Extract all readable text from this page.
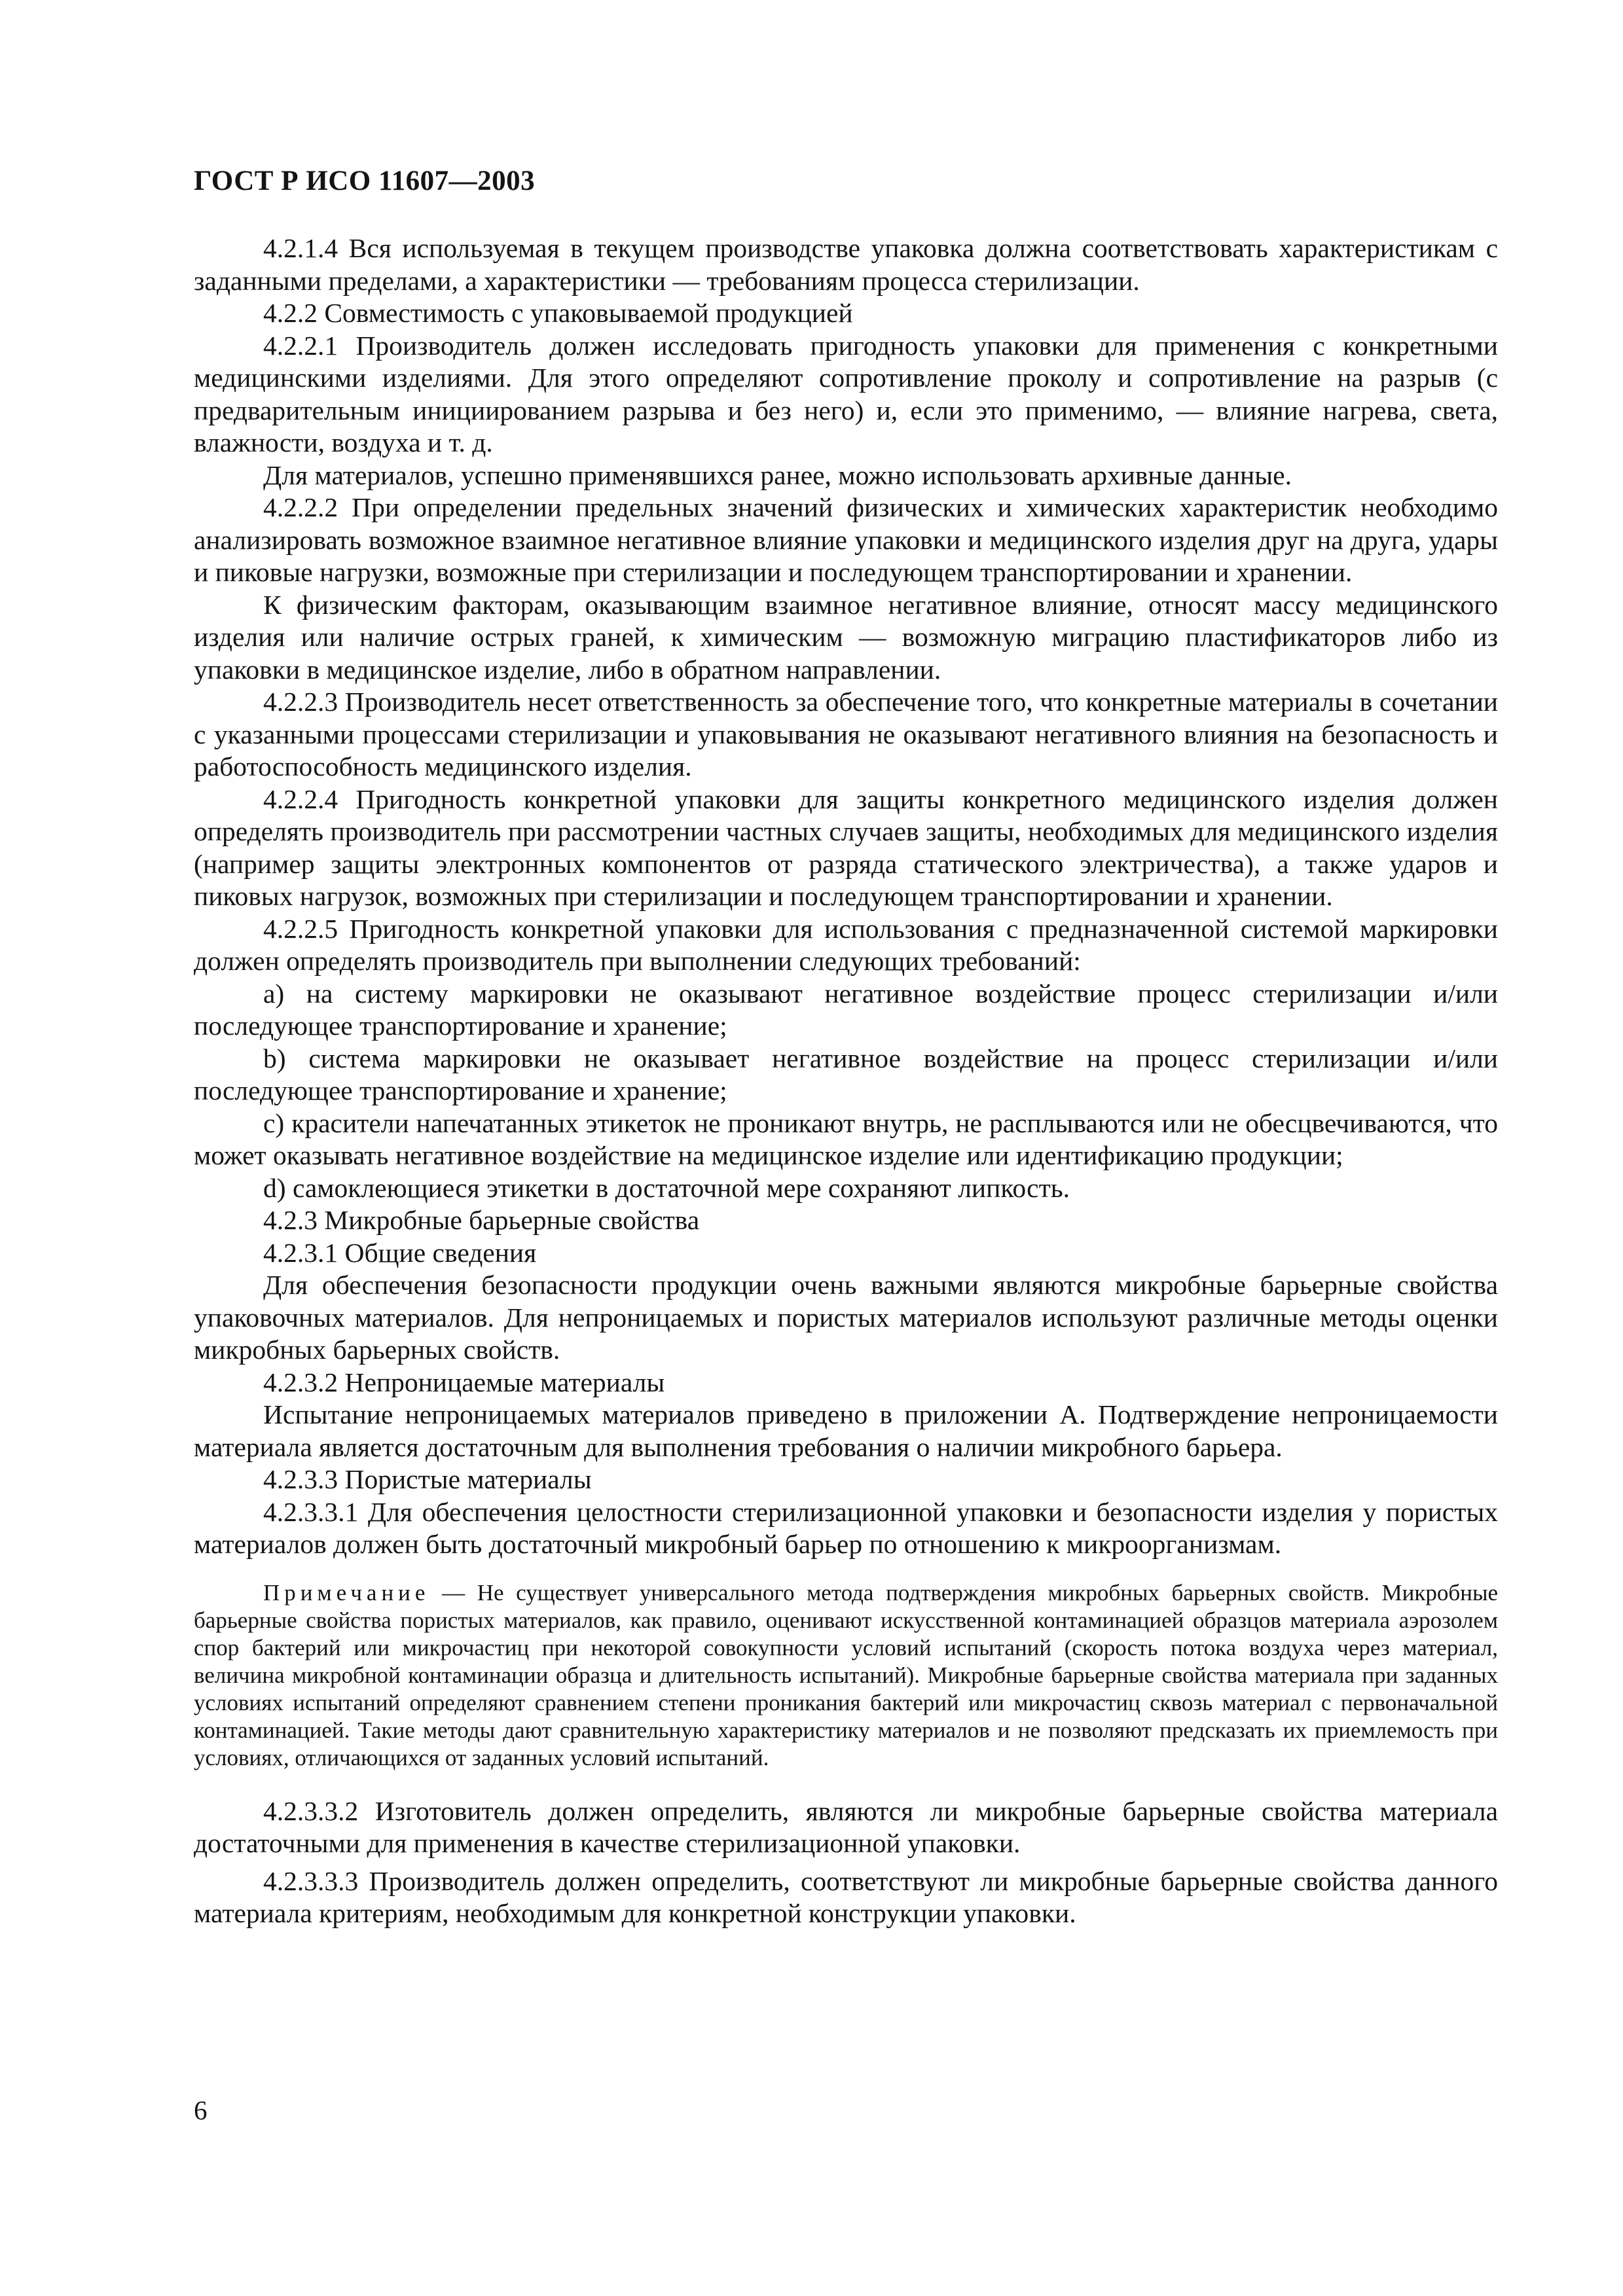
ГОСТ Р ИСО 11607—2003

4.2.1.4 Вся используемая в текущем производстве упаковка должна соответствовать характеристикам с заданными пределами, а характеристики — требованиям процесса стерилизации.

4.2.2 Совместимость с упаковываемой продукцией

4.2.2.1 Производитель должен исследовать пригодность упаковки для применения с конкретными медицинскими изделиями. Для этого определяют сопротивление проколу и сопротивление на разрыв (с предварительным инициированием разрыва и без него) и, если это применимо, — влияние нагрева, света, влажности, воздуха и т. д.

Для материалов, успешно применявшихся ранее, можно использовать архивные данные.

4.2.2.2 При определении предельных значений физических и химических характеристик необходимо анализировать возможное взаимное негативное влияние упаковки и медицинского изделия друг на друга, удары и пиковые нагрузки, возможные при стерилизации и последующем транспортировании и хранении.

К физическим факторам, оказывающим взаимное негативное влияние, относят массу медицинского изделия или наличие острых граней, к химическим — возможную миграцию пластификаторов либо из упаковки в медицинское изделие, либо в обратном направлении.

4.2.2.3 Производитель несет ответственность за обеспечение того, что конкретные материалы в сочетании с указанными процессами стерилизации и упаковывания не оказывают негативного влияния на безопасность и работоспособность медицинского изделия.

4.2.2.4 Пригодность конкретной упаковки для защиты конкретного медицинского изделия должен определять производитель при рассмотрении частных случаев защиты, необходимых для медицинского изделия (например защиты электронных компонентов от разряда статического электричества), а также ударов и пиковых нагрузок, возможных при стерилизации и последующем транспортировании и хранении.

4.2.2.5 Пригодность конкретной упаковки для использования с предназначенной системой маркировки должен определять производитель при выполнении следующих требований:

a) на систему маркировки не оказывают негативное воздействие процесс стерилизации и/или последующее транспортирование и хранение;

b) система маркировки не оказывает негативное воздействие на процесс стерилизации и/или последующее транспортирование и хранение;

c) красители напечатанных этикеток не проникают внутрь, не расплываются или не обесцвечиваются, что может оказывать негативное воздействие на медицинское изделие или идентификацию продукции;

d) самоклеющиеся этикетки в достаточной мере сохраняют липкость.

4.2.3 Микробные барьерные свойства

4.2.3.1 Общие сведения

Для обеспечения безопасности продукции очень важными являются микробные барьерные свойства упаковочных материалов. Для непроницаемых и пористых материалов используют различные методы оценки микробных барьерных свойств.

4.2.3.2 Непроницаемые материалы

Испытание непроницаемых материалов приведено в приложении А. Подтверждение непроницаемости материала является достаточным для выполнения требования о наличии микробного барьера.

4.2.3.3 Пористые материалы

4.2.3.3.1 Для обеспечения целостности стерилизационной упаковки и безопасности изделия у пористых материалов должен быть достаточный микробный барьер по отношению к микроорганизмам.

Примечание — Не существует универсального метода подтверждения микробных барьерных свойств. Микробные барьерные свойства пористых материалов, как правило, оценивают искусственной контаминацией образцов материала аэрозолем спор бактерий или микрочастиц при некоторой совокупности условий испытаний (скорость потока воздуха через материал, величина микробной контаминации образца и длительность испытаний). Микробные барьерные свойства материала при заданных условиях испытаний определяют сравнением степени проникания бактерий или микрочастиц сквозь материал с первоначальной контаминацией. Такие методы дают сравнительную характеристику материалов и не позволяют предсказать их приемлемость при условиях, отличающихся от заданных условий испытаний.

4.2.3.3.2 Изготовитель должен определить, являются ли микробные барьерные свойства материала достаточными для применения в качестве стерилизационной упаковки.

4.2.3.3.3 Производитель должен определить, соответствуют ли микробные барьерные свойства данного материала критериям, необходимым для конкретной конструкции упаковки.

6
